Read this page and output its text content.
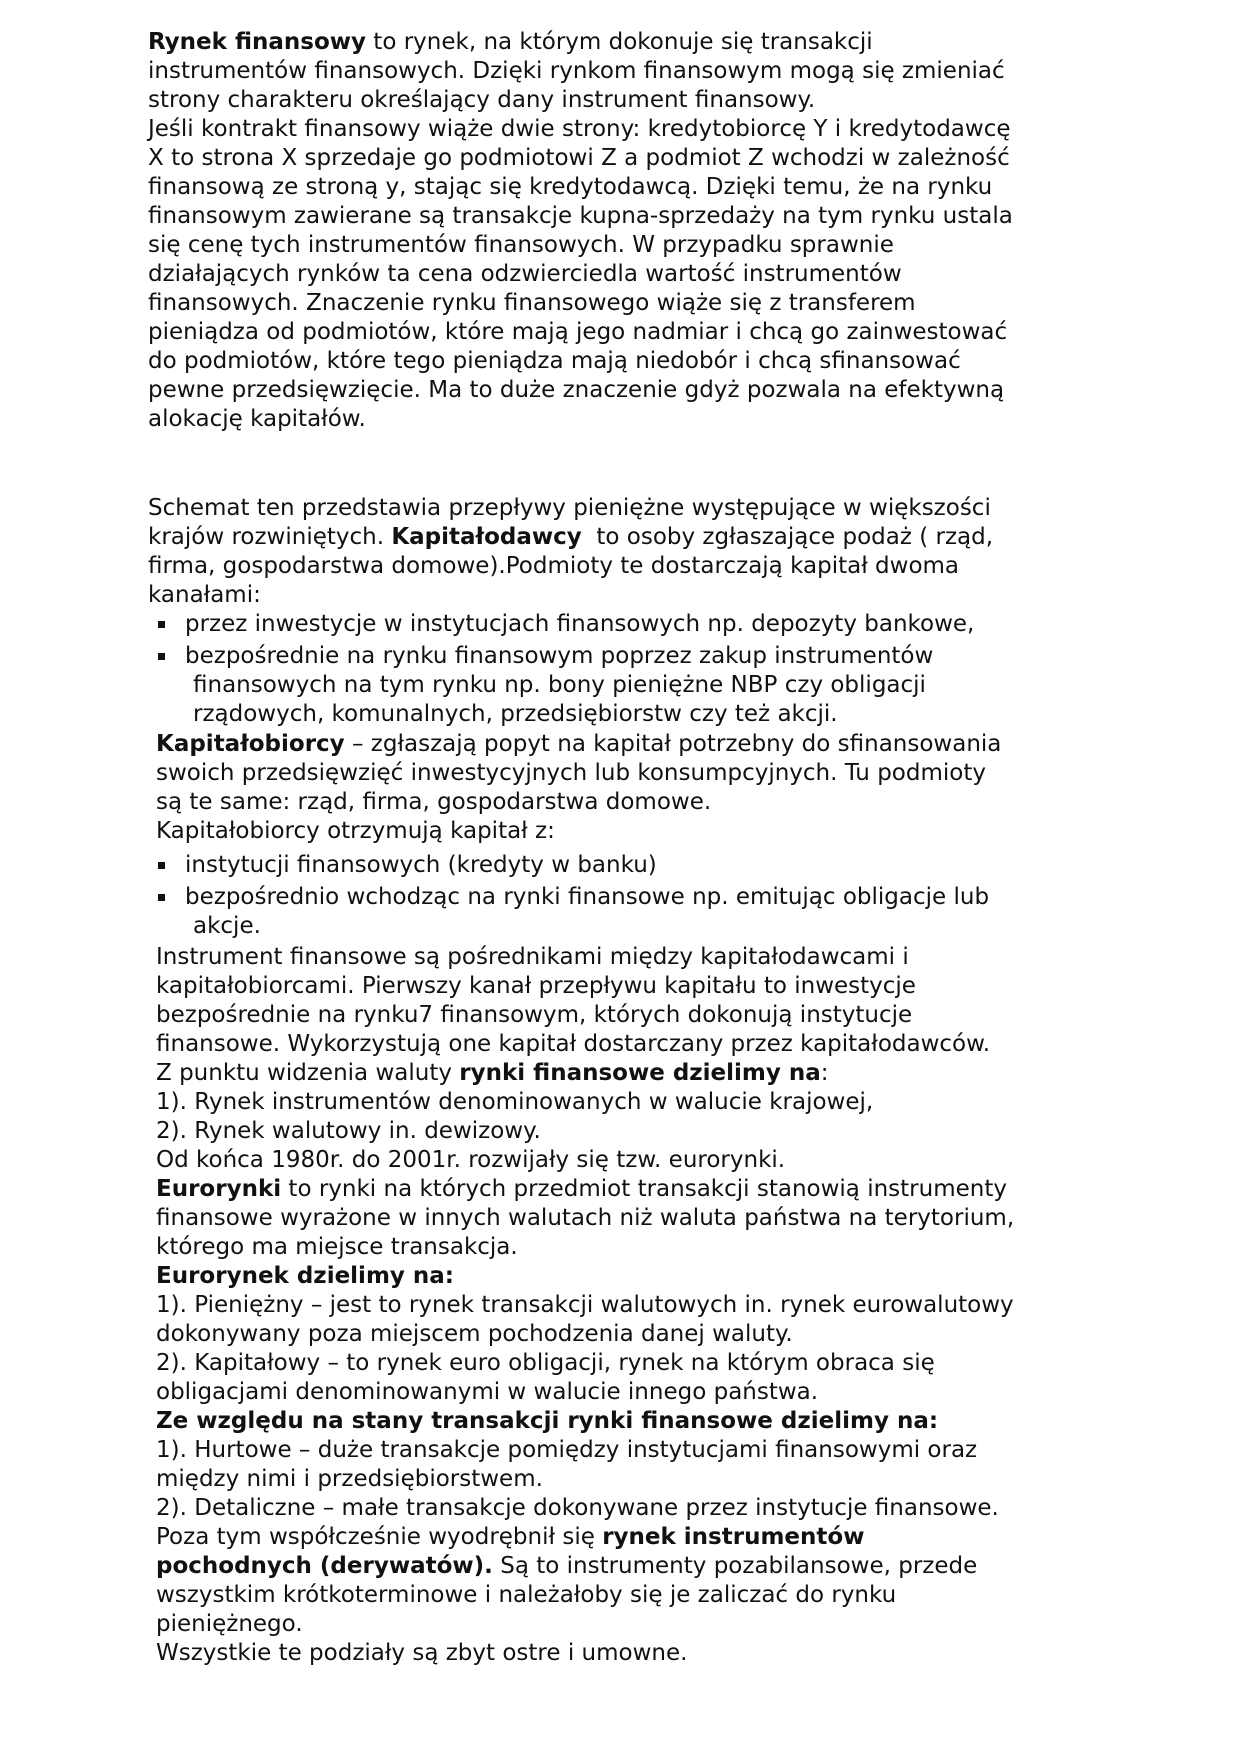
Rynek finansowy to rynek, na którym dokonuje się transakcji
instrumentów finansowych. Dzięki rynkom finansowym mogą się zmieniać
strony charakteru określający dany instrument finansowy.
Jeśli kontrakt finansowy wiąże dwie strony: kredytobiorcę Y i kredytodawcę
X to strona X sprzedaje go podmiotowi Z a podmiot Z wchodzi w zależność
finansową ze stroną y, stając się kredytodawcą. Dzięki temu, że na rynku
finansowym zawierane są transakcje kupna-sprzedaży na tym rynku ustala
się cenę tych instrumentów finansowych. W przypadku sprawnie
działających rynków ta cena odzwierciedla wartość instrumentów
finansowych. Znaczenie rynku finansowego wiąże się z transferem
pieniądza od podmiotów, które mają jego nadmiar i chcą go zainwestować
do podmiotów, które tego pieniądza mają niedobór i chcą sfinansować
pewne przedsięwzięcie. Ma to duże znaczenie gdyż pozwala na efektywną
alokację kapitałów.
Schemat ten przedstawia przepływy pieniężne występujące w większości
krajów rozwiniętych. Kapitałodawcy  to osoby zgłaszające podaż ( rząd,
firma, gospodarstwa domowe).Podmioty te dostarczają kapitał dwoma
kanałami:
przez inwestycje w instytucjach finansowych np. depozyty bankowe,
bezpośrednie na rynku finansowym poprzez zakup instrumentów
finansowych na tym rynku np. bony pieniężne NBP czy obligacji
rządowych, komunalnych, przedsiębiorstw czy też akcji.
Kapitałobiorcy – zgłaszają popyt na kapitał potrzebny do sfinansowania
swoich przedsięwzięć inwestycyjnych lub konsumpcyjnych. Tu podmioty
są te same: rząd, firma, gospodarstwa domowe.
Kapitałobiorcy otrzymują kapitał z:
instytucji finansowych (kredyty w banku)
bezpośrednio wchodząc na rynki finansowe np. emitując obligacje lub
akcje.
Instrument finansowe są pośrednikami między kapitałodawcami i
kapitałobiorcami. Pierwszy kanał przepływu kapitału to inwestycje
bezpośrednie na rynku7 finansowym, których dokonują instytucje
finansowe. Wykorzystują one kapitał dostarczany przez kapitałodawców.
Z punktu widzenia waluty rynki finansowe dzielimy na:
1). Rynek instrumentów denominowanych w walucie krajowej,
2). Rynek walutowy in. dewizowy.
Od końca 1980r. do 2001r. rozwijały się tzw. eurorynki.
Eurorynki to rynki na których przedmiot transakcji stanowią instrumenty
finansowe wyrażone w innych walutach niż waluta państwa na terytorium,
którego ma miejsce transakcja.
Eurorynek dzielimy na:
1). Pieniężny – jest to rynek transakcji walutowych in. rynek eurowalutowy
dokonywany poza miejscem pochodzenia danej waluty.
2). Kapitałowy – to rynek euro obligacji, rynek na którym obraca się
obligacjami denominowanymi w walucie innego państwa.
Ze względu na stany transakcji rynki finansowe dzielimy na:
1). Hurtowe – duże transakcje pomiędzy instytucjami finansowymi oraz
między nimi i przedsiębiorstwem.
2). Detaliczne – małe transakcje dokonywane przez instytucje finansowe.
Poza tym współcześnie wyodrębnił się rynek instrumentów
pochodnych (derywatów). Są to instrumenty pozabilansowe, przede
wszystkim krótkoterminowe i należałoby się je zaliczać do rynku
pieniężnego.
Wszystkie te podziały są zbyt ostre i umowne.
